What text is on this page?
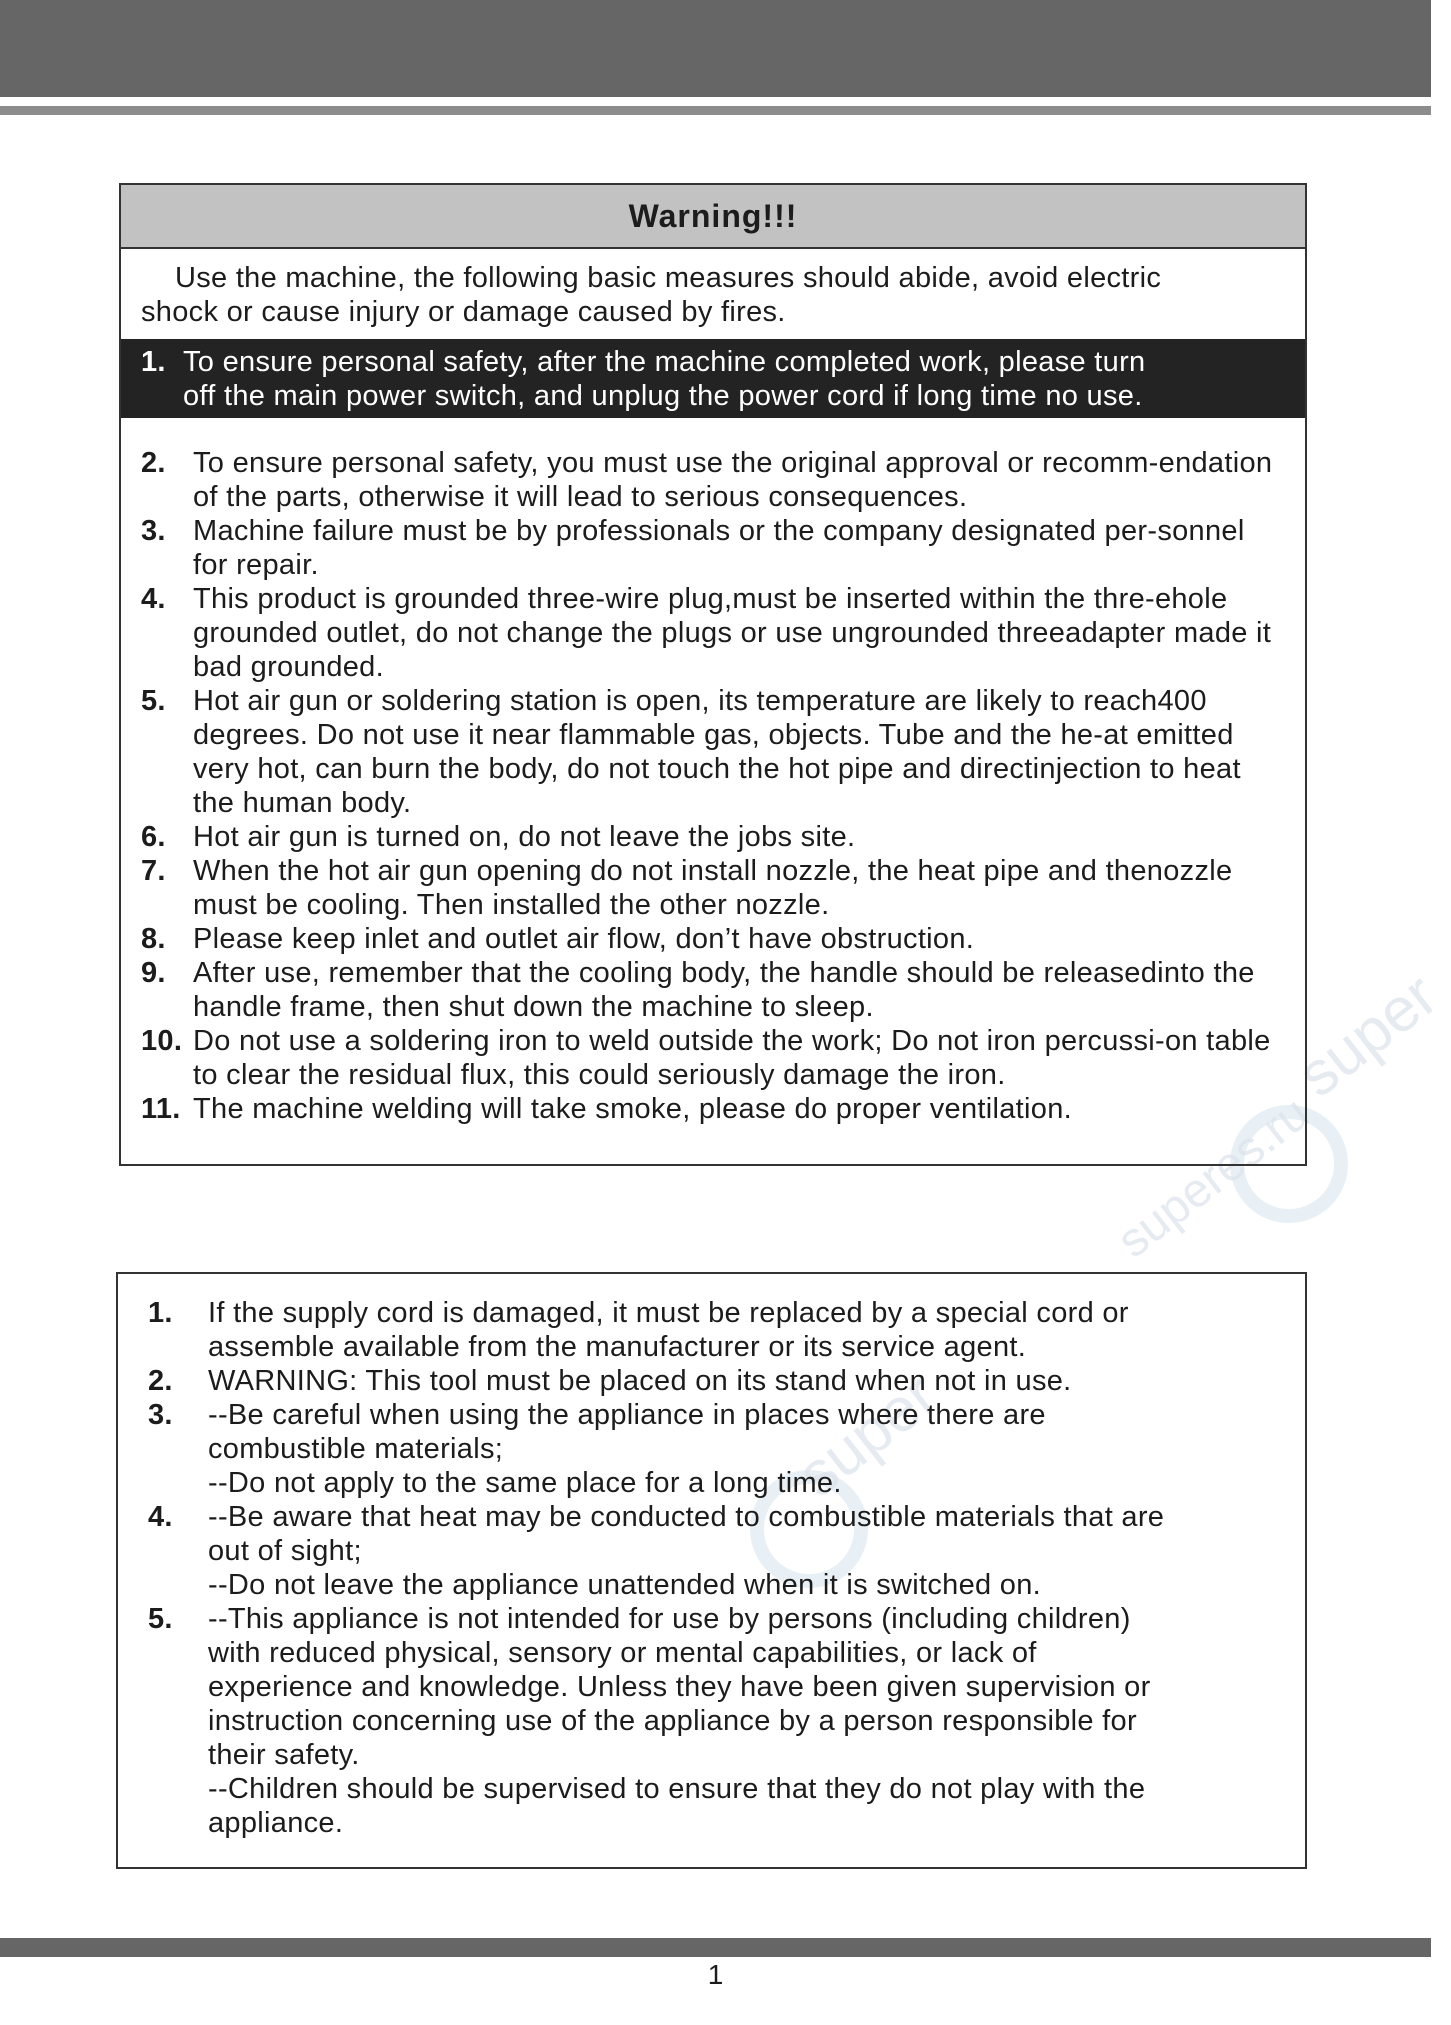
super
superes.ru
super
Warning!!!

Use the machine, the following basic measures should abide, avoid electric
shock or cause injury or damage caused by fires.

1. To ensure personal safety, after the machine completed work, please turn
off the main power switch, and unplug the power cord if long time no use.
2. To ensure personal safety, you must use the original approval or recomm-endation of the parts, otherwise it will lead to serious consequences.
3. Machine failure must be by professionals or the company designated per-sonnel for repair.
4. This product is grounded three-wire plug,must be inserted within the thre-ehole grounded outlet, do not change the plugs or use ungrounded threeadapter made it bad grounded.
5. Hot air gun or soldering station is open, its temperature are likely to reach400 degrees. Do not use it near flammable gas, objects. Tube and the he-at emitted very hot, can burn the body, do not touch the hot pipe and directinjection to heat the human body.
6. Hot air gun is turned on, do not leave the jobs site.
7. When the hot air gun opening do not install nozzle, the heat pipe and thenozzle must be cooling. Then installed the other nozzle.
8. Please keep inlet and outlet air flow, don’t have obstruction.
9. After use, remember that the cooling body, the handle should be releasedinto the handle frame, then shut down the machine to sleep.
10. Do not use a soldering iron to weld outside the work; Do not iron percussi-on table to clear the residual flux, this could seriously damage the iron.
11. The machine welding will take smoke, please do proper ventilation.
1.	If the supply cord is damaged, it must be replaced by a special cord or
assemble available from the manufacturer or its service agent.
2.	WARNING: This tool must be placed on its stand when not in use.
3.	--Be careful when using the appliance in places where there are
combustible materials;
--Do not apply to the same place for a long time.
4.	--Be aware that heat may be conducted to combustible materials that are
out of sight;
--Do not leave the appliance unattended when it is switched on.
5.	--This appliance is not intended for use by persons (including children)
with reduced physical, sensory or mental capabilities, or lack of
experience and knowledge. Unless they have been given supervision or
instruction concerning use of the appliance by a person responsible for
their safety.
--Children should be supervised to ensure that they do not play with the
appliance.
1
